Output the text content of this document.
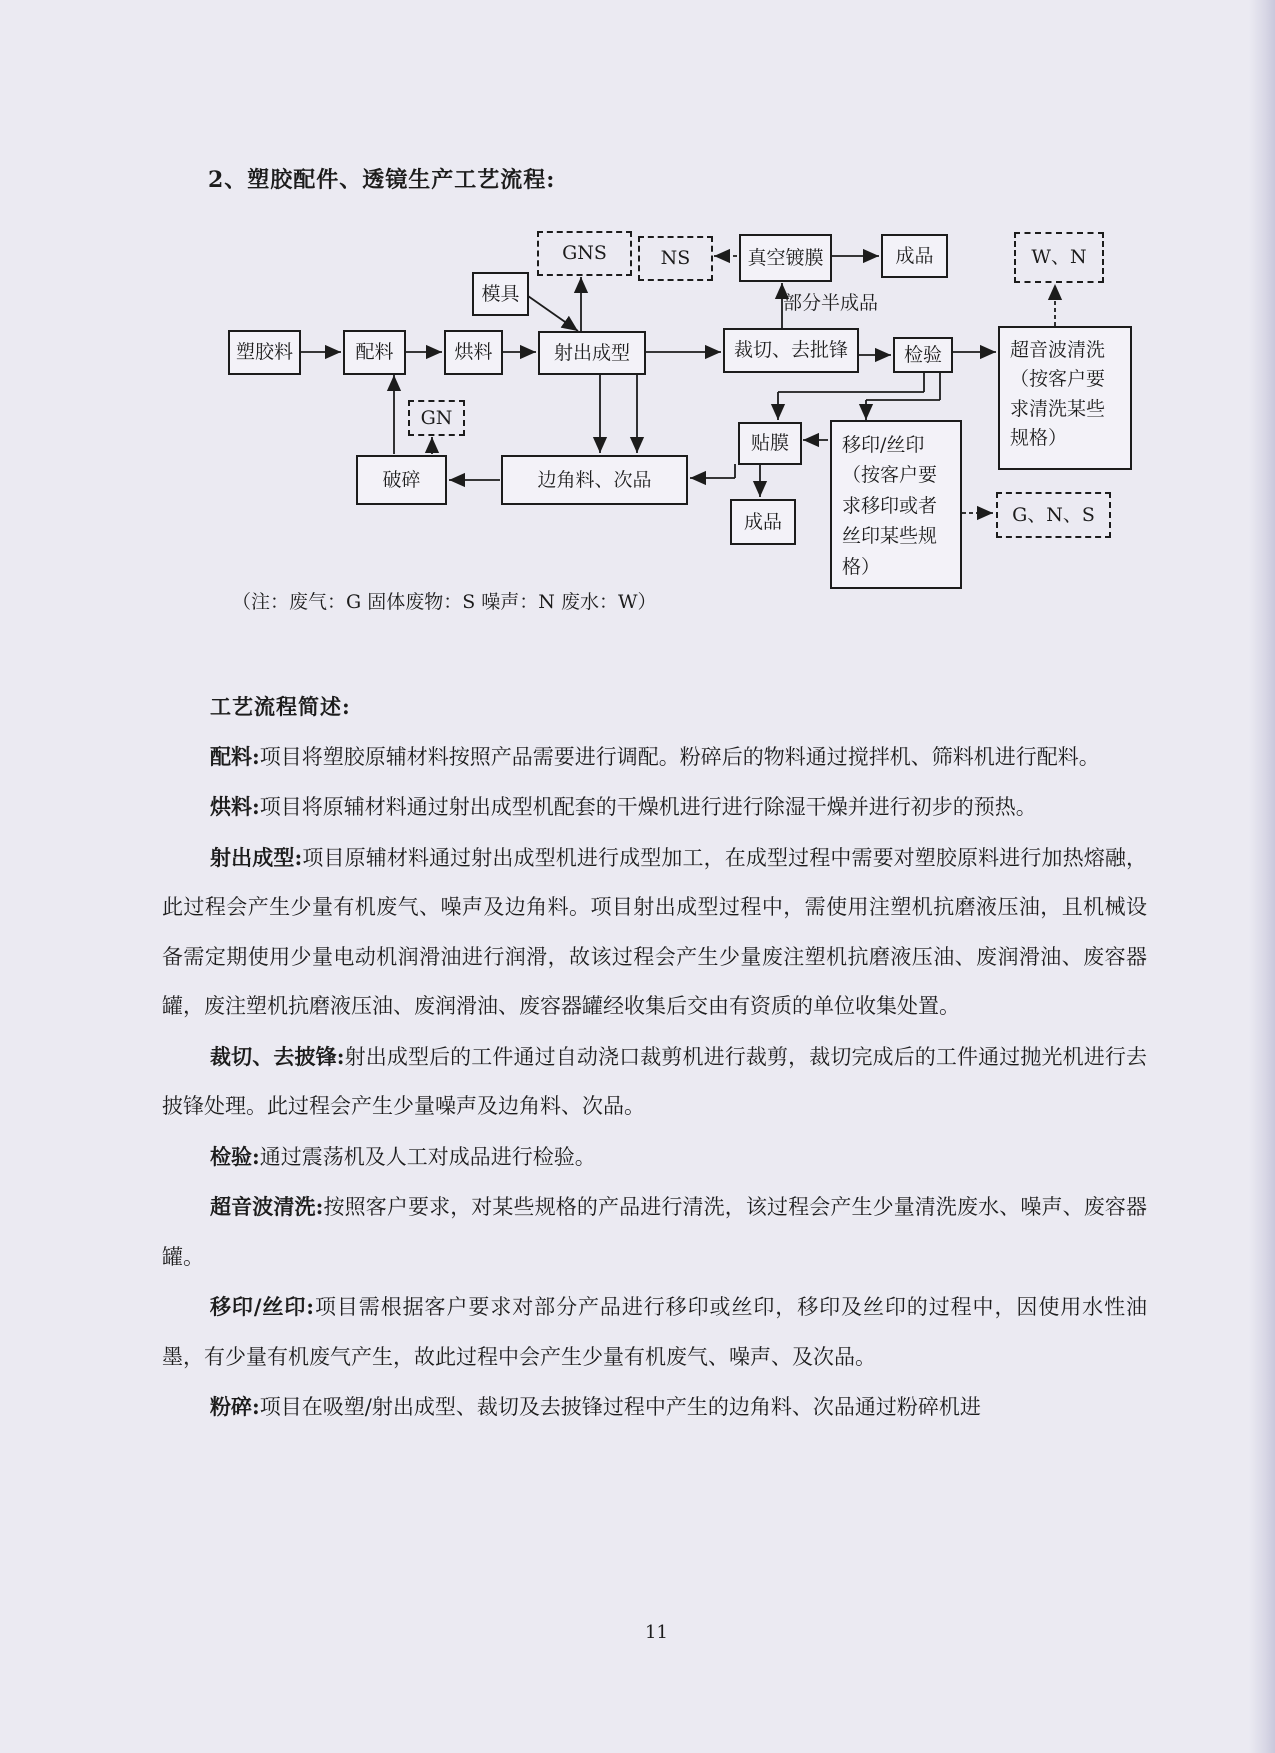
2、塑胶配件、透镜生产工艺流程:
塑胶料	配料	烘料	射出成型	裁切、去批锋	检验	超音波清洗
（按客户要
求清洗某些
规格）
模具
GNS	NS	真空镀膜
部分半成品
成品	W、N
GN
破碎	边角料、次品
贴膜
成品
移印/丝印
（按客户要
求移印或者
丝印某些规
格）
G、N、S
（注：废气：G 固体废物：S 噪声：N 废水：W）

工艺流程简述:

配料:项目将塑胶原辅材料按照产品需要进行调配。粉碎后的物料通过搅拌机、筛料机进行配料。

烘料:项目将原辅材料通过射出成型机配套的干燥机进行进行除湿干燥并进行初步的预热。

射出成型:项目原辅材料通过射出成型机进行成型加工，在成型过程中需要对塑胶原料进行加热熔融，此过程会产生少量有机废气、噪声及边角料。项目射出成型过程中，需使用注塑机抗磨液压油，且机械设备需定期使用少量电动机润滑油进行润滑，故该过程会产生少量废注塑机抗磨液压油、废润滑油、废容器罐，废注塑机抗磨液压油、废润滑油、废容器罐经收集后交由有资质的单位收集处置。

裁切、去披锋:射出成型后的工件通过自动浇口裁剪机进行裁剪，裁切完成后的工件通过抛光机进行去披锋处理。此过程会产生少量噪声及边角料、次品。

检验:通过震荡机及人工对成品进行检验。

超音波清洗:按照客户要求，对某些规格的产品进行清洗，该过程会产生少量清洗废水、噪声、废容器罐。

移印/丝印:项目需根据客户要求对部分产品进行移印或丝印，移印及丝印的过程中，因使用水性油墨，有少量有机废气产生，故此过程中会产生少量有机废气、噪声、及次品。

粉碎:项目在吸塑/射出成型、裁切及去披锋过程中产生的边角料、次品通过粉碎机进

11
